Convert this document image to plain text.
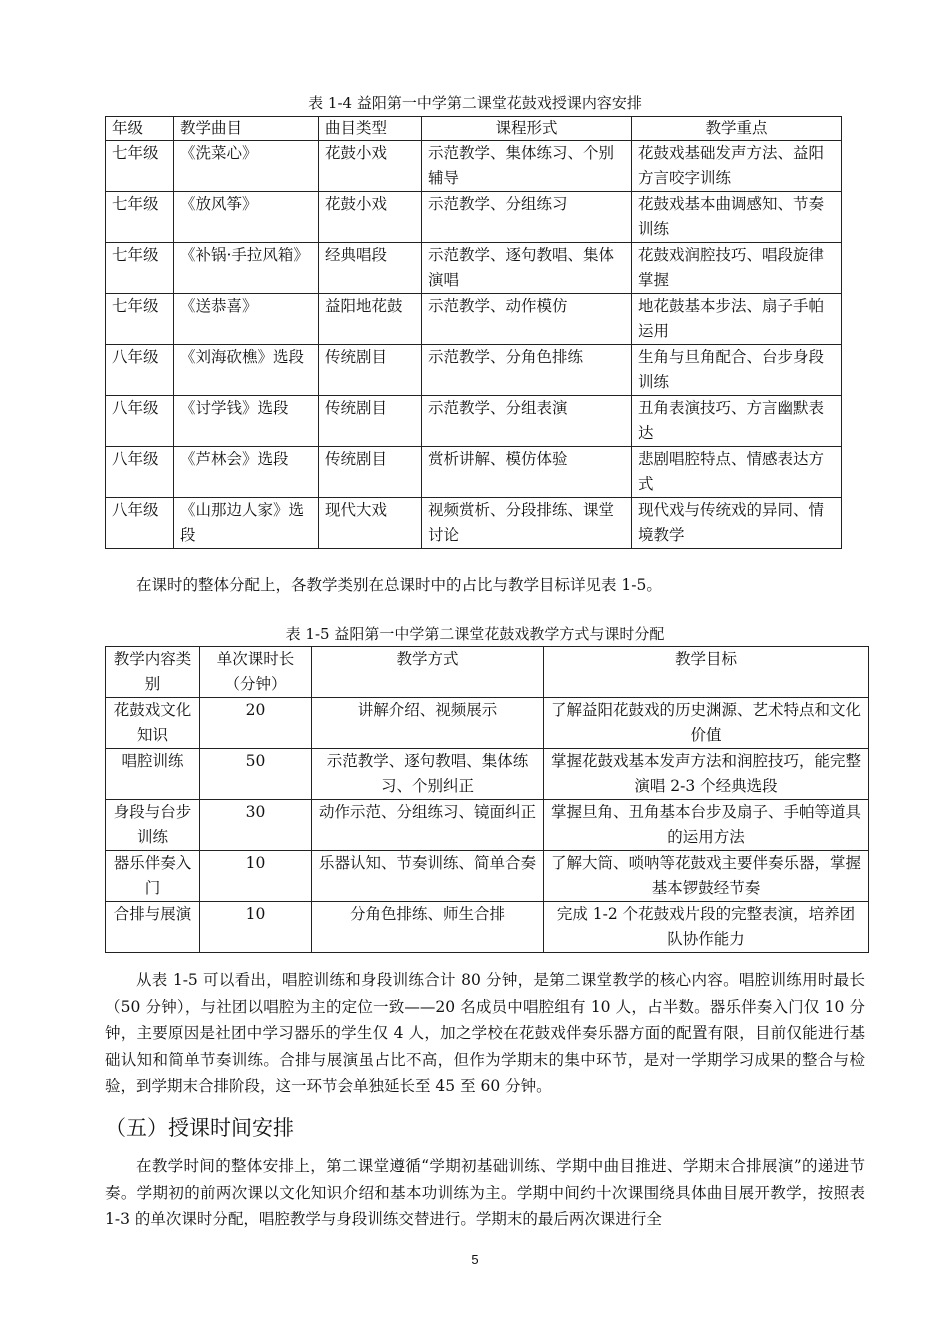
表 1-4 益阳第一中学第二课堂花鼓戏授课内容安排
年级	教学曲目	曲目类型	课程形式	教学重点
七年级	《洗菜心》	花鼓小戏	示范教学、集体练习、个别辅导	花鼓戏基础发声方法、益阳方言咬字训练
七年级	《放风筝》	花鼓小戏	示范教学、分组练习	花鼓戏基本曲调感知、节奏训练
七年级	《补锅·手拉风箱》	经典唱段	示范教学、逐句教唱、集体演唱	花鼓戏润腔技巧、唱段旋律掌握
七年级	《送恭喜》	益阳地花鼓	示范教学、动作模仿	地花鼓基本步法、扇子手帕运用
八年级	《刘海砍樵》选段	传统剧目	示范教学、分角色排练	生角与旦角配合、台步身段训练
八年级	《讨学钱》选段	传统剧目	示范教学、分组表演	丑角表演技巧、方言幽默表达
八年级	《芦林会》选段	传统剧目	赏析讲解、模仿体验	悲剧唱腔特点、情感表达方式
八年级	《山那边人家》选段	现代大戏	视频赏析、分段排练、课堂讨论	现代戏与传统戏的异同、情境教学

在课时的整体分配上，各教学类别在总课时中的占比与教学目标详见表 1-5。

表 1-5 益阳第一中学第二课堂花鼓戏教学方式与课时分配
教学内容类别	单次课时长（分钟）	教学方式	教学目标
花鼓戏文化知识	20	讲解介绍、视频展示	了解益阳花鼓戏的历史渊源、艺术特点和文化价值
唱腔训练	50	示范教学、逐句教唱、集体练习、个别纠正	掌握花鼓戏基本发声方法和润腔技巧，能完整演唱 2-3 个经典选段
身段与台步训练	30	动作示范、分组练习、镜面纠正	掌握旦角、丑角基本台步及扇子、手帕等道具的运用方法
器乐伴奏入门	10	乐器认知、节奏训练、简单合奏	了解大筒、唢呐等花鼓戏主要伴奏乐器，掌握基本锣鼓经节奏
合排与展演	10	分角色排练、师生合排	完成 1-2 个花鼓戏片段的完整表演，培养团队协作能力

从表 1-5 可以看出，唱腔训练和身段训练合计 80 分钟，是第二课堂教学的核心内容。唱腔训练用时最长（50 分钟），与社团以唱腔为主的定位一致——20 名成员中唱腔组有 10 人，占半数。器乐伴奏入门仅 10 分钟，主要原因是社团中学习器乐的学生仅 4 人，加之学校在花鼓戏伴奏乐器方面的配置有限，目前仅能进行基础认知和简单节奏训练。合排与展演虽占比不高，但作为学期末的集中环节，是对一学期学习成果的整合与检验，到学期末合排阶段，这一环节会单独延长至 45 至 60 分钟。

（五）授课时间安排

在教学时间的整体安排上，第二课堂遵循“学期初基础训练、学期中曲目推进、学期末合排展演”的递进节奏。学期初的前两次课以文化知识介绍和基本功训练为主。学期中间约十次课围绕具体曲目展开教学，按照表 1-3 的单次课时分配，唱腔教学与身段训练交替进行。学期末的最后两次课进行全

5
